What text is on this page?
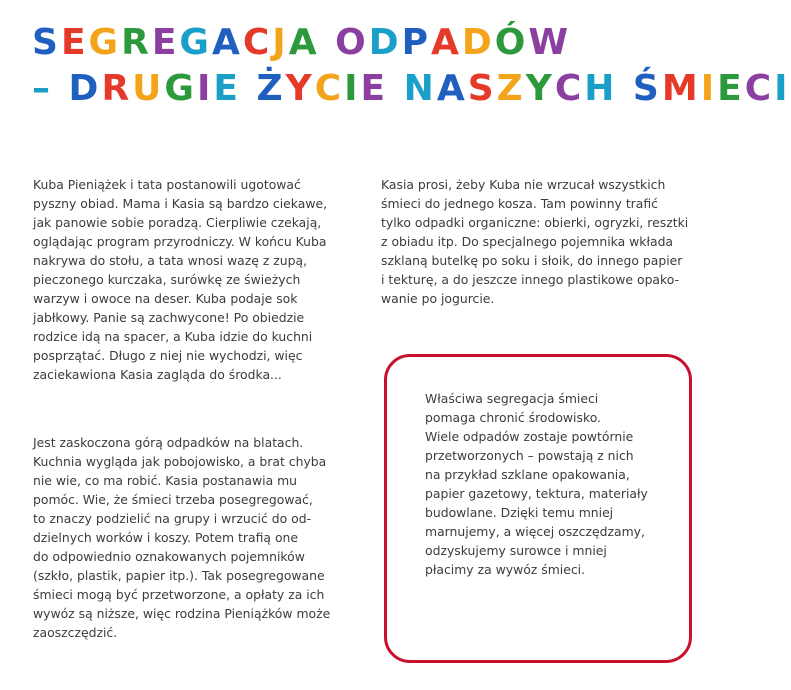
SEGREGACJA ODPADÓW
– DRUGIE ŻYCIE NASZYCH ŚMIECI
Kuba Pieniążek i tata postanowili ugotować
pyszny obiad. Mama i Kasia są bardzo ciekawe,
jak panowie sobie poradzą. Cierpliwie czekają,
oglądając program przyrodniczy. W końcu Kuba
nakrywa do stołu, a tata wnosi wazę z zupą,
pieczonego kurczaka, surówkę ze świeżych
warzyw i owoce na deser. Kuba podaje sok
jabłkowy. Panie są zachwycone! Po obiedzie
rodzice idą na spacer, a Kuba idzie do kuchni
posprzątać. Długo z niej nie wychodzi, więc
zaciekawiona Kasia zagląda do środka...
Jest zaskoczona górą odpadków na blatach.
Kuchnia wygląda jak pobojowisko, a brat chyba
nie wie, co ma robić. Kasia postanawia mu
pomóc. Wie, że śmieci trzeba posegregować,
to znaczy podzielić na grupy i wrzucić do od-
dzielnych worków i koszy. Potem trafią one
do odpowiednio oznakowanych pojemników
(szkło, plastik, papier itp.). Tak posegregowane
śmieci mogą być przetworzone, a opłaty za ich
wywóz są niższe, więc rodzina Pieniążków może
zaoszczędzić.
Kasia prosi, żeby Kuba nie wrzucał wszystkich
śmieci do jednego kosza. Tam powinny trafić
tylko odpadki organiczne: obierki, ogryzki, resztki
z obiadu itp. Do specjalnego pojemnika wkłada
szklaną butelkę po soku i słoik, do innego papier
i tekturę, a do jeszcze innego plastikowe opako-
wanie po jogurcie.
Właściwa segregacja śmieci
pomaga chronić środowisko.
Wiele odpadów zostaje powtórnie
przetworzonych – powstają z nich
na przykład szklane opakowania,
papier gazetowy, tektura, materiały
budowlane. Dzięki temu mniej
marnujemy, a więcej oszczędzamy,
odzyskujemy surowce i mniej
płacimy za wywóz śmieci.
